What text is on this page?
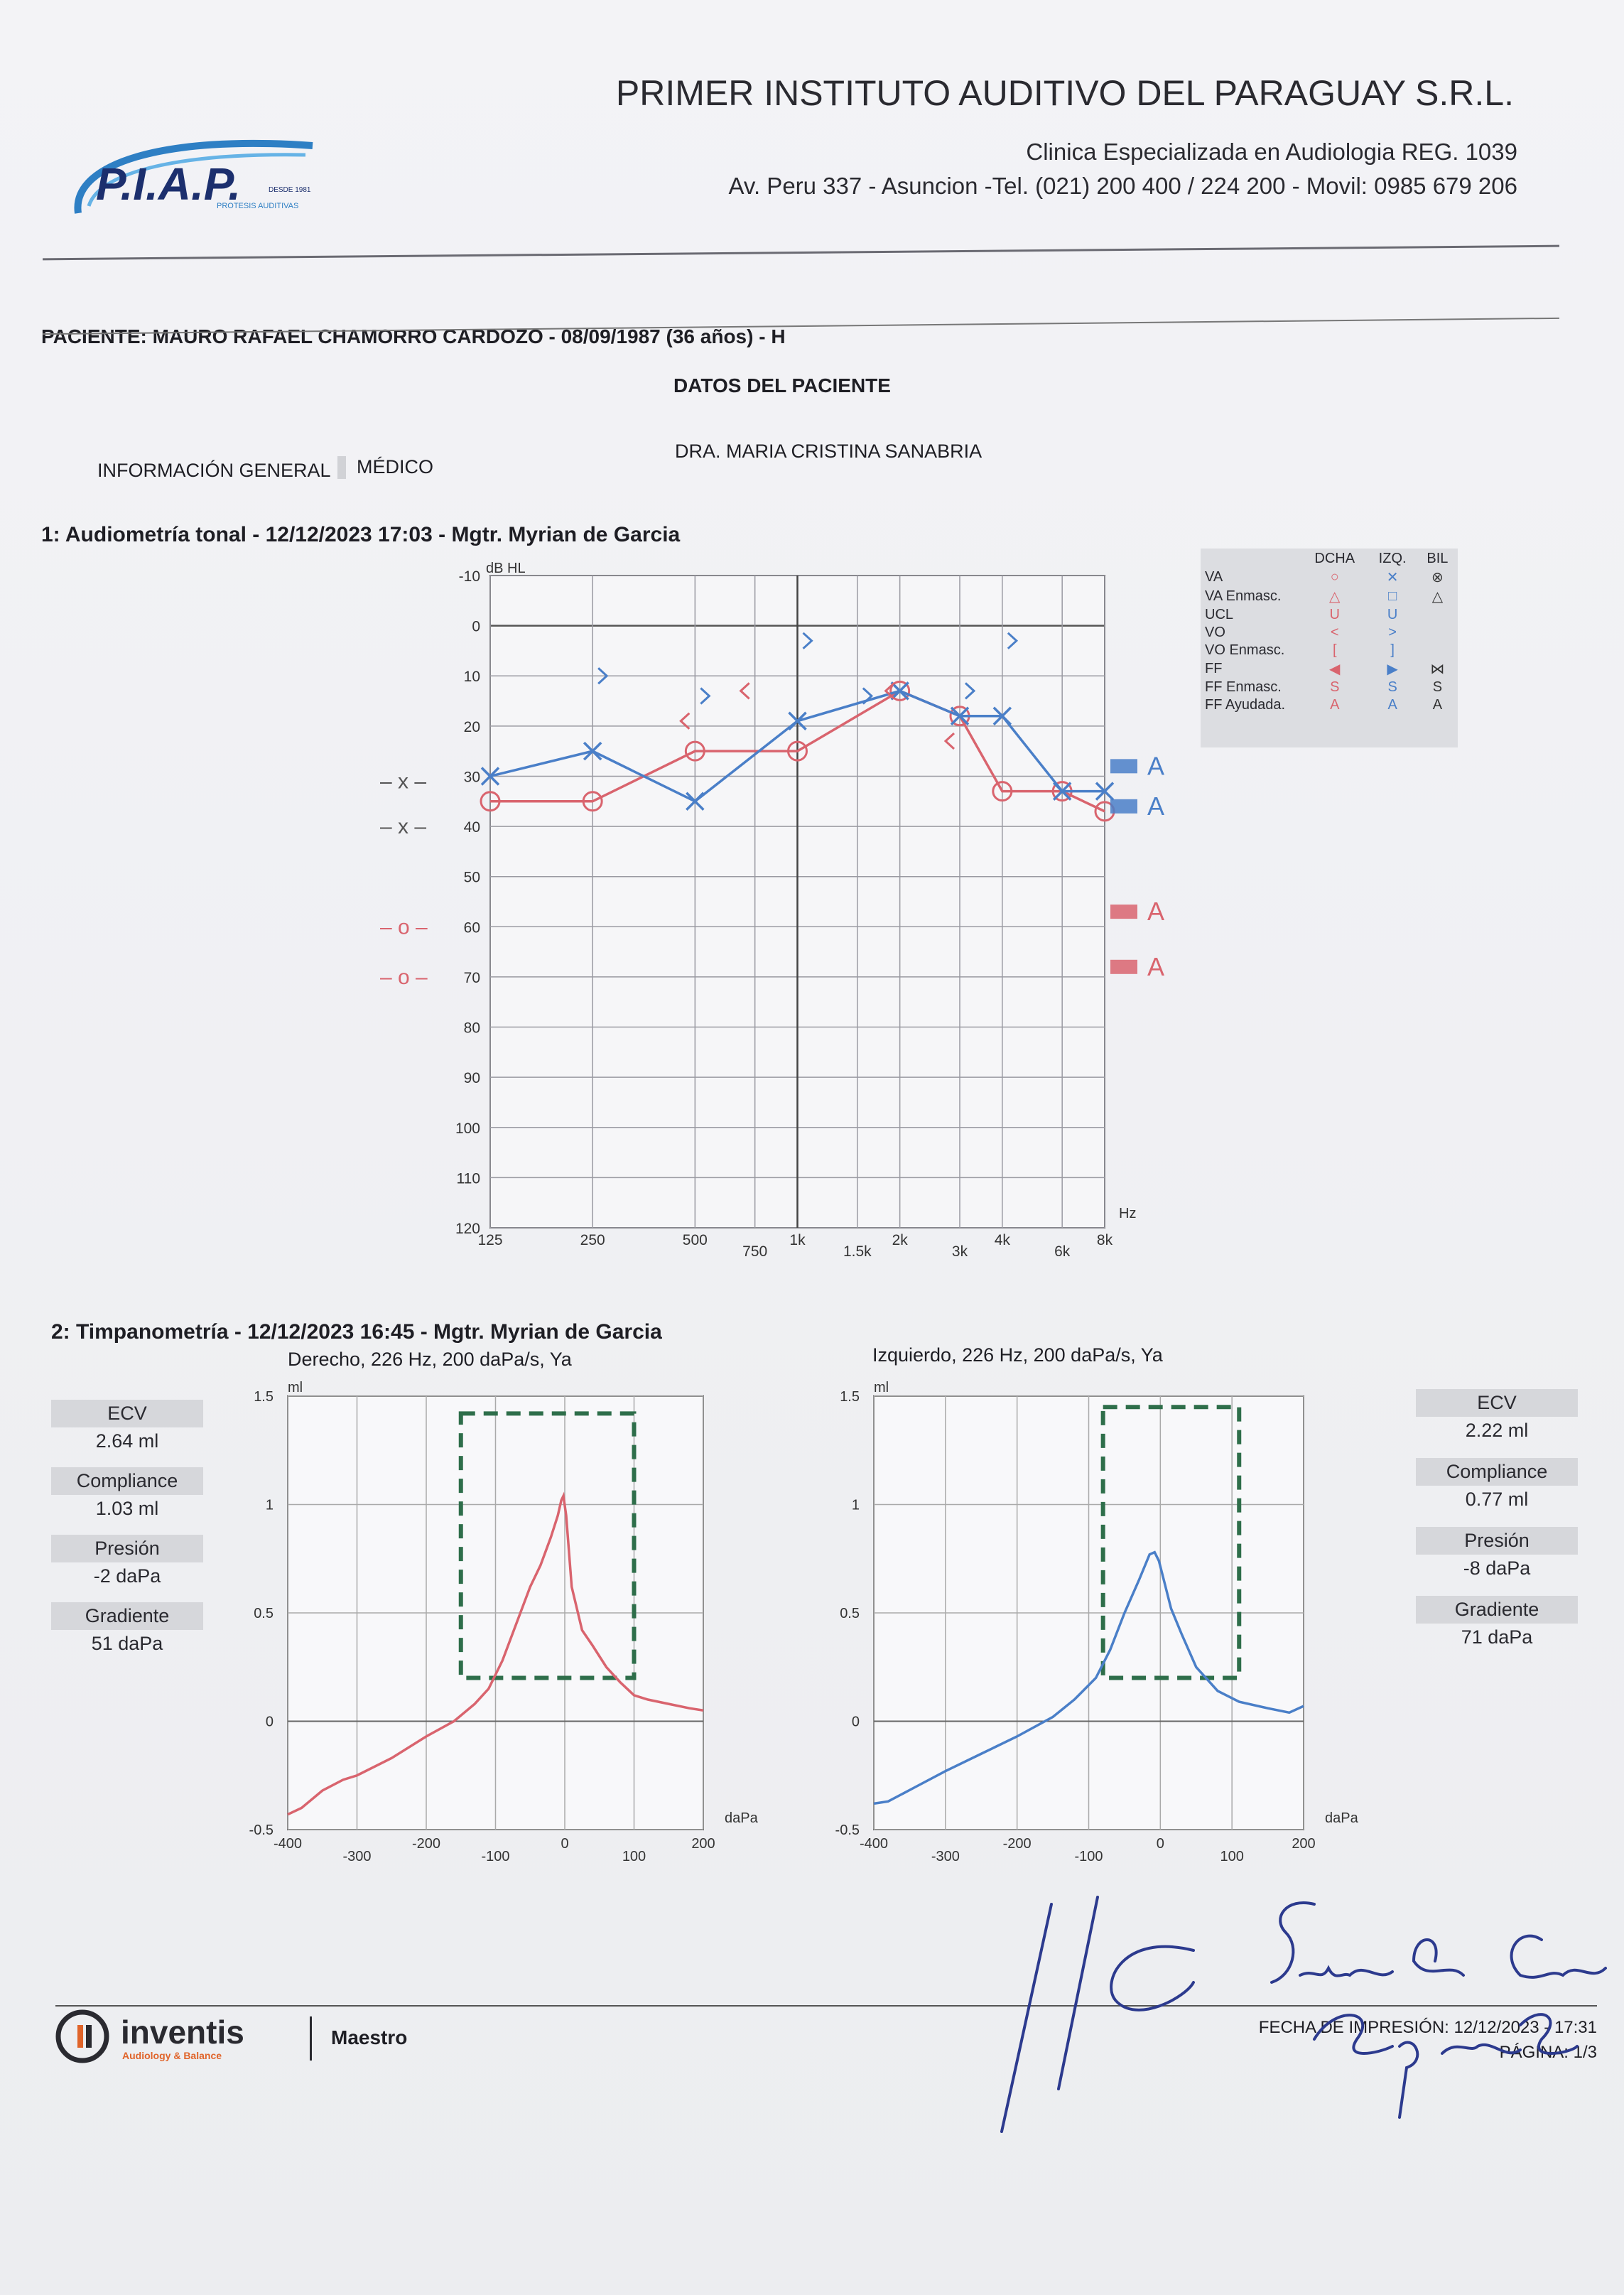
P.I.A.P.	DESDE 1981
PROTESIS AUDITIVAS
PRIMER INSTITUTO AUDITIVO DEL PARAGUAY S.R.L.
Clinica Especializada en Audiologia REG. 1039
Av. Peru 337 - Asuncion -Tel. (021) 200 400 / 224 200 - Movil: 0985 679 206
PACIENTE: MAURO RAFAEL CHAMORRO CARDOZO - 08/09/1987 (36 años) - H
DATOS DEL PACIENTE
INFORMACIÓN GENERAL MÉDICO
DRA. MARIA CRISTINA SANABRIA
1: Audiometría tonal - 12/12/2023 17:03 - Mgtr. Myrian de Garcia
-10
0
10
20
30
40
50
60
70
80
90
100
110
120
125	250	500
750
1k
1.5k
2k
3k
4k
6k
8k
dB HL
Hz
– x –
– x –
– o –
– o –
A
A
A
A
	DCHA	IZQ.	BIL
VA	○	✕	⊗
VA Enmasc.	△	□	△
UCL	U	U	
VO	<	>	
VO Enmasc.	[	]	
FF	◀	▶	⋈
FF Enmasc.	S	S	S
FF Ayudada.	A	A	A
2: Timpanometría - 12/12/2023 16:45 - Mgtr. Myrian de Garcia
Derecho, 226 Hz, 200 daPa/s, Ya	Izquierdo, 226 Hz, 200 daPa/s, Ya
-400
-300
-200
-100
0
100
200
-0.5
0
0.5
1
1.5
ml
daPa
-400
-300
-200
-100
0
100
200
-0.5
0
0.5
1
1.5
ml
daPa
ECV
2.64 ml
Compliance
1.03 ml
Presión
-2 daPa
Gradiente
51 daPa
ECV
2.22 ml
Compliance
0.77 ml
Presión
-8 daPa
Gradiente
71 daPa
inventis
Audiology & Balance
Maestro	FECHA DE IMPRESIÓN: 12/12/2023 - 17:31
PÁGINA: 1/3
